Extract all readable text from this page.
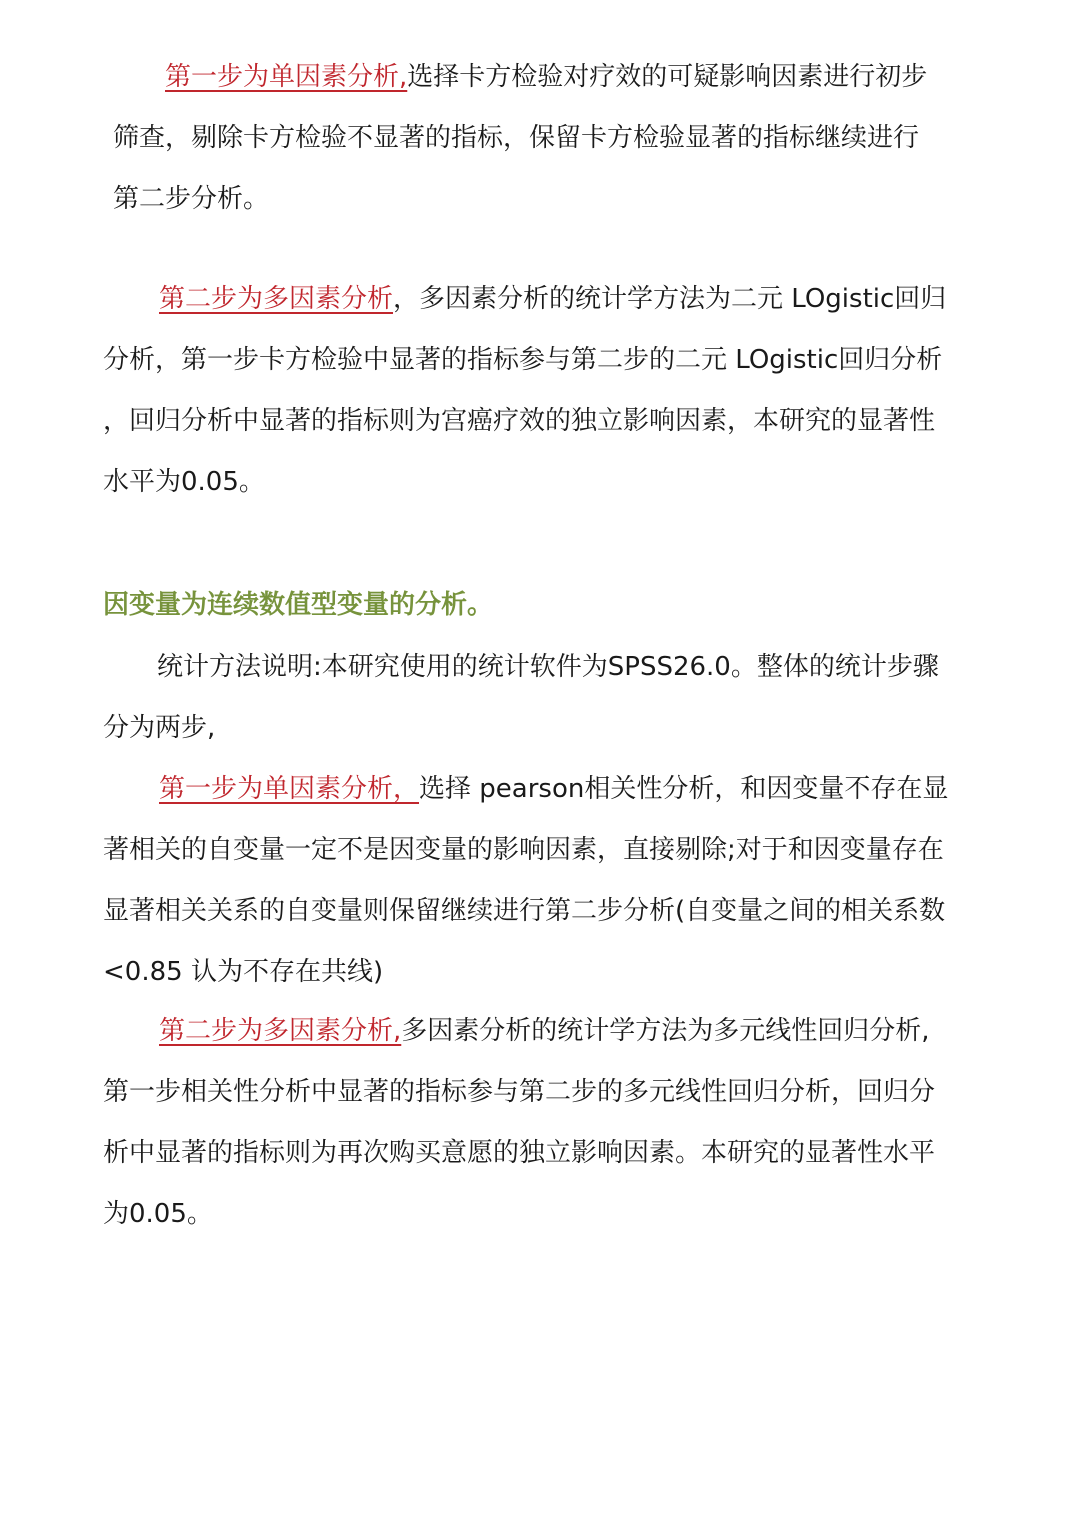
第一步为单因素分析,选择卡方检验对疗效的可疑影响因素进行初步
筛查，剔除卡方检验不显著的指标，保留卡方检验显著的指标继续进行
第二步分析。

第二步为多因素分析，多因素分析的统计学方法为二元 LOgistic回归
分析，第一步卡方检验中显著的指标参与第二步的二元 LOgistic回归分析
，回归分析中显著的指标则为宫癌疗效的独立影响因素，本研究的显著性
水平为0.05。

因变量为连续数值型变量的分析。

统计方法说明:本研究使用的统计软件为SPSS26.0。整体的统计步骤
分为两步,

第一步为单因素分析，选择 pearson相关性分析，和因变量不存在显
著相关的自变量一定不是因变量的影响因素，直接剔除;对于和因变量存在
显著相关关系的自变量则保留继续进行第二步分析(自变量之间的相关系数
<0.85 认为不存在共线)

第二步为多因素分析,多因素分析的统计学方法为多元线性回归分析,
第一步相关性分析中显著的指标参与第二步的多元线性回归分析，回归分
析中显著的指标则为再次购买意愿的独立影响因素。本研究的显著性水平
为0.05。
